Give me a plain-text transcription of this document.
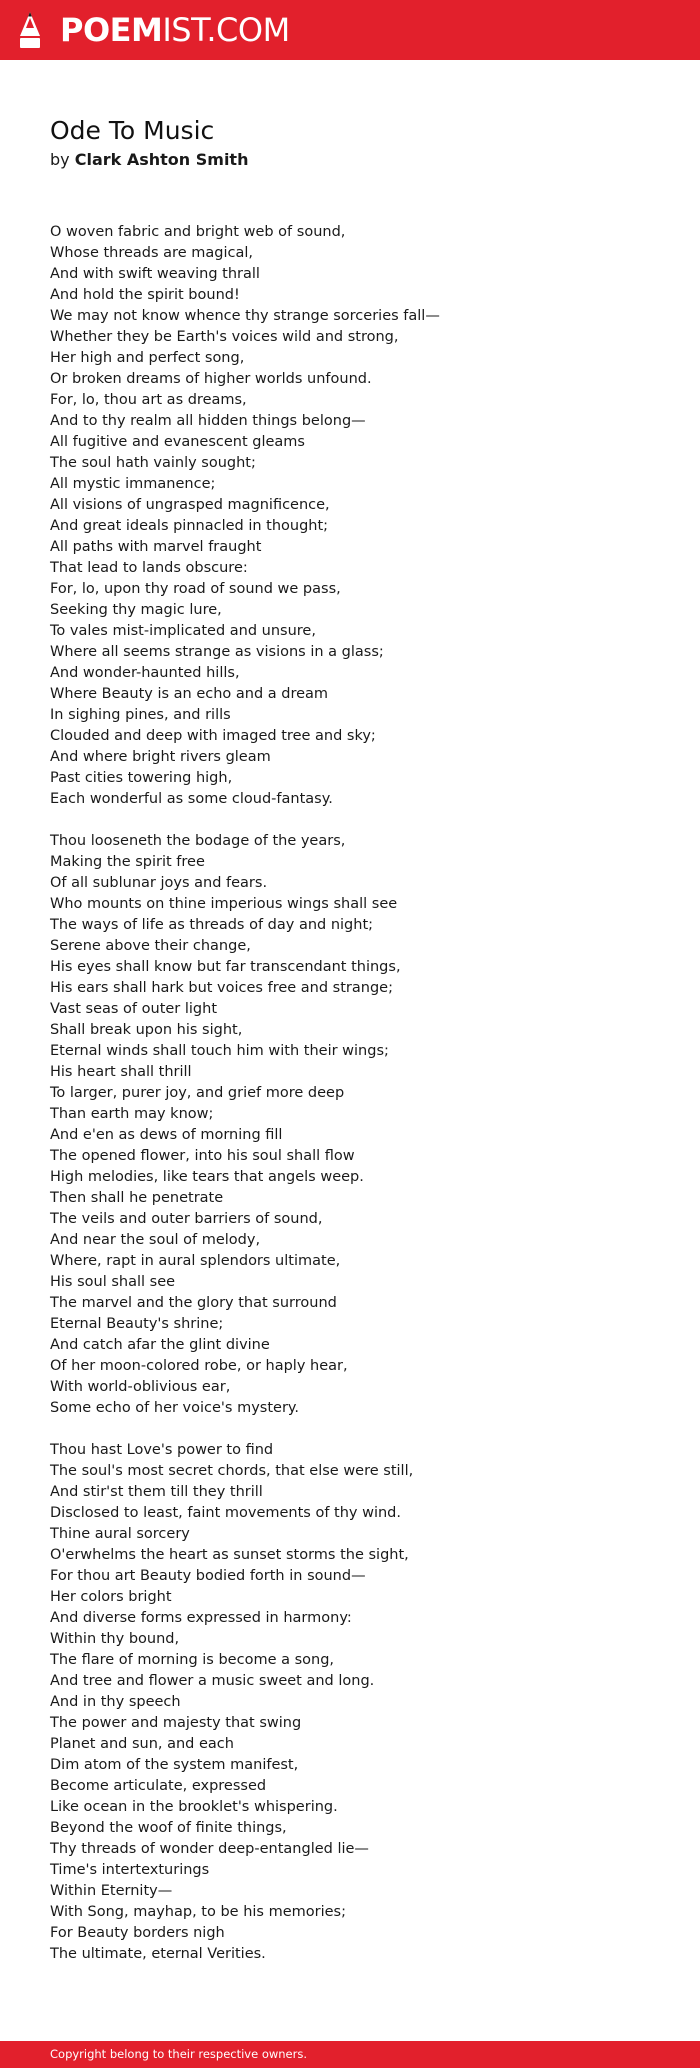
POEMIST.COM
Ode To Music
by Clark Ashton Smith
O woven fabric and bright web of sound,
Whose threads are magical,
And with swift weaving thrall
And hold the spirit bound!
We may not know whence thy strange sorceries fall—
Whether they be Earth's voices wild and strong,
Her high and perfect song,
Or broken dreams of higher worlds unfound.
For, lo, thou art as dreams,
And to thy realm all hidden things belong—
All fugitive and evanescent gleams
The soul hath vainly sought;
All mystic immanence;
All visions of ungrasped magnificence,
And great ideals pinnacled in thought;
All paths with marvel fraught
That lead to lands obscure:
For, lo, upon thy road of sound we pass,
Seeking thy magic lure,
To vales mist-implicated and unsure,
Where all seems strange as visions in a glass;
And wonder-haunted hills,
Where Beauty is an echo and a dream
In sighing pines, and rills
Clouded and deep with imaged tree and sky;
And where bright rivers gleam
Past cities towering high,
Each wonderful as some cloud-fantasy.
Thou looseneth the bodage of the years,
Making the spirit free
Of all sublunar joys and fears.
Who mounts on thine imperious wings shall see
The ways of life as threads of day and night;
Serene above their change,
His eyes shall know but far transcendant things,
His ears shall hark but voices free and strange;
Vast seas of outer light
Shall break upon his sight,
Eternal winds shall touch him with their wings;
His heart shall thrill
To larger, purer joy, and grief more deep
Than earth may know;
And e'en as dews of morning fill
The opened flower, into his soul shall flow
High melodies, like tears that angels weep.
Then shall he penetrate
The veils and outer barriers of sound,
And near the soul of melody,
Where, rapt in aural splendors ultimate,
His soul shall see
The marvel and the glory that surround
Eternal Beauty's shrine;
And catch afar the glint divine
Of her moon-colored robe, or haply hear,
With world-oblivious ear,
Some echo of her voice's mystery.
Thou hast Love's power to find
The soul's most secret chords, that else were still,
And stir'st them till they thrill
Disclosed to least, faint movements of thy wind.
Thine aural sorcery
O'erwhelms the heart as sunset storms the sight,
For thou art Beauty bodied forth in sound—
Her colors bright
And diverse forms expressed in harmony:
Within thy bound,
The flare of morning is become a song,
And tree and flower a music sweet and long.
And in thy speech
The power and majesty that swing
Planet and sun, and each
Dim atom of the system manifest,
Become articulate, expressed
Like ocean in the brooklet's whispering.
Beyond the woof of finite things,
Thy threads of wonder deep-entangled lie—
Time's intertexturings
Within Eternity—
With Song, mayhap, to be his memories;
For Beauty borders nigh
The ultimate, eternal Verities.
Copyright belong to their respective owners.
